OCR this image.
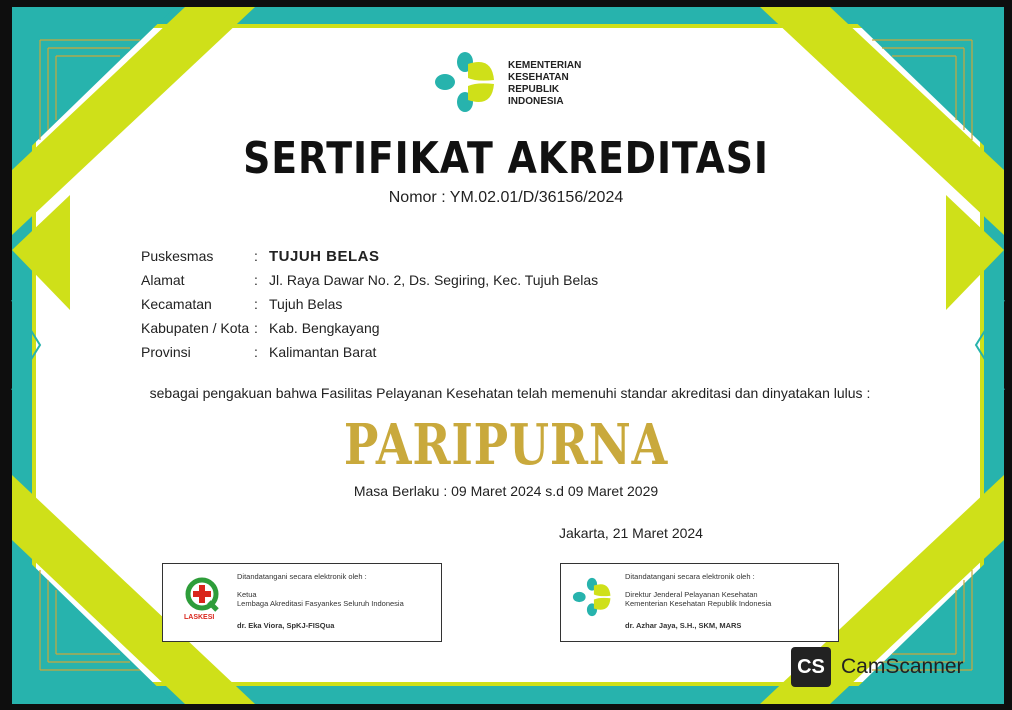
KEMENTERIAN
KESEHATAN
REPUBLIK
INDONESIA
SERTIFIKAT AKREDITASI
Nomor : YM.02.01/D/36156/2024
Puskesmas	: TUJUH BELAS
Alamat	: Jl. Raya Dawar No. 2, Ds. Segiring, Kec. Tujuh Belas
Kecamatan	: Tujuh Belas
Kabupaten / Kota : Kab. Bengkayang
Provinsi	: Kalimantan Barat
sebagai pengakuan bahwa Fasilitas Pelayanan Kesehatan telah memenuhi standar akreditasi dan dinyatakan lulus :
PARIPURNA
Masa Berlaku : 09 Maret 2024 s.d 09 Maret 2029
Jakarta, 21 Maret 2024
LASKESI
Ditandatangani secara elektronik oleh :
Ketua
Lembaga Akreditasi Fasyankes Seluruh Indonesia
dr. Eka Viora, SpKJ-FISQua
Ditandatangani secara elektronik oleh :
Direktur Jenderal Pelayanan Kesehatan
Kementerian Kesehatan Republik Indonesia
dr. Azhar Jaya, S.H., SKM, MARS
CS CamScanner
